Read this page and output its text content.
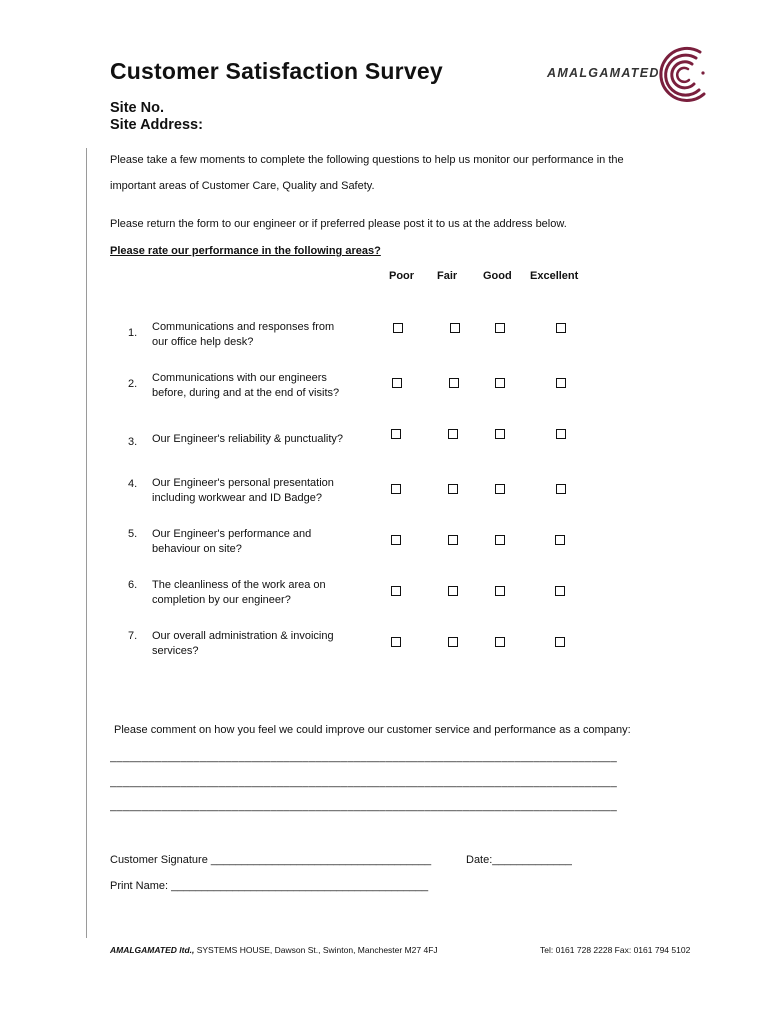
Customer Satisfaction Survey
Site No.
Site Address:
AMALGAMATED
Please take a few moments to complete the following questions to help us monitor our performance in the
important areas of Customer Care, Quality and Safety.
Please return the form to our engineer or if preferred please post it to us at the address below.
Please rate our performance in the following areas?
Poor Fair Good Excellent
1. Communications and responses from
our office help desk?
2. Communications with our engineers
before, during and at the end of visits?
3. Our Engineer's reliability & punctuality?
4. Our Engineer's personal presentation
including workwear and ID Badge?
5. Our Engineer's performance and
behaviour on site?
6. The cleanliness of the work area on
completion by our engineer?
7. Our overall administration & invoicing
services?
Please comment on how you feel we could improve our customer service and performance as a company:
_______________________________________________________________________________
_______________________________________________________________________________
_______________________________________________________________________________
Customer Signature ____________________________________	Date:_____________
Print Name: __________________________________________
AMALGAMATED ltd., SYSTEMS HOUSE, Dawson St., Swinton, Manchester M27 4FJ	Tel: 0161 728 2228 Fax: 0161 794 5102
